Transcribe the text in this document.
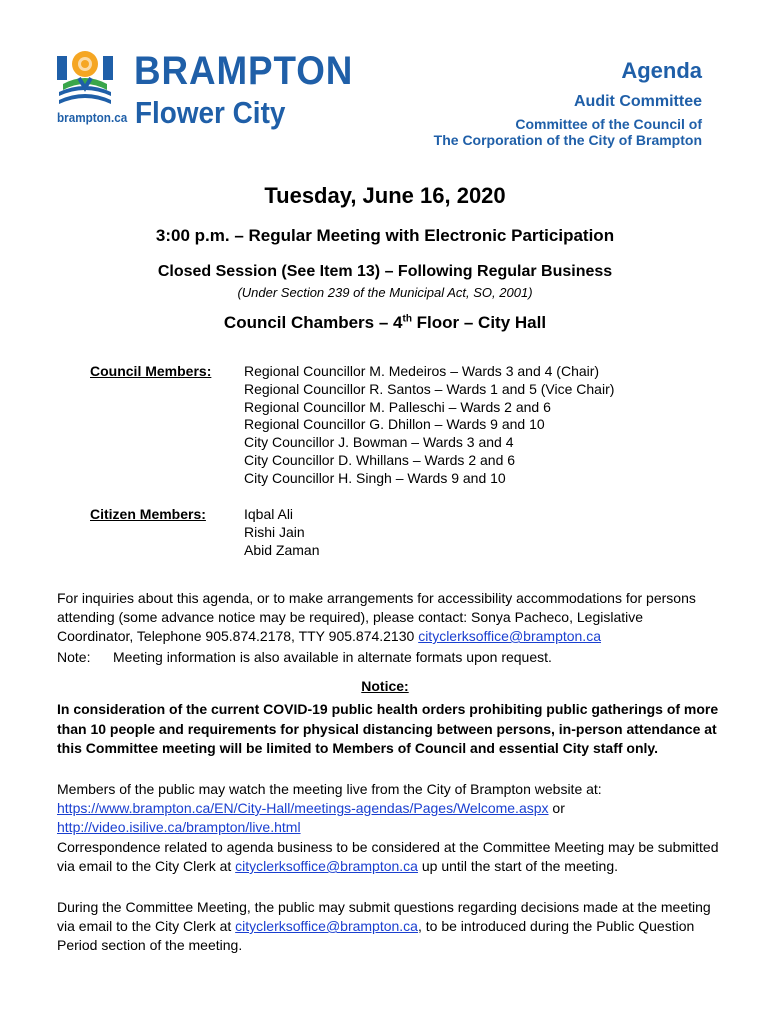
BRAMPTON
Flower City
brampton.ca
Agenda
Audit Committee
Committee of the Council of
The Corporation of the City of Brampton
Tuesday, June 16, 2020
3:00 p.m. – Regular Meeting with Electronic Participation
Closed Session (See Item 13) – Following Regular Business
(Under Section 239 of the Municipal Act, SO, 2001)
Council Chambers – 4th Floor – City Hall
Council Members: Regional Councillor M. Medeiros – Wards 3 and 4 (Chair)
Regional Councillor R. Santos – Wards 1 and 5 (Vice Chair)
Regional Councillor M. Palleschi – Wards 2 and 6
Regional Councillor G. Dhillon – Wards 9 and 10
City Councillor J. Bowman – Wards 3 and 4
City Councillor D. Whillans – Wards 2 and 6
City Councillor H. Singh – Wards 9 and 10
Citizen Members:	Iqbal Ali
Rishi Jain
Abid Zaman
For inquiries about this agenda, or to make arrangements for accessibility accommodations for persons attending (some advance notice may be required), please contact: Sonya Pacheco, Legislative Coordinator, Telephone 905.874.2178, TTY 905.874.2130 cityclerksoffice@brampton.ca
Note: Meeting information is also available in alternate formats upon request.
Notice:
In consideration of the current COVID-19 public health orders prohibiting public gatherings of more than 10 people and requirements for physical distancing between persons, in-person attendance at this Committee meeting will be limited to Members of Council and essential City staff only.
Members of the public may watch the meeting live from the City of Brampton website at:
https://www.brampton.ca/EN/City-Hall/meetings-agendas/Pages/Welcome.aspx or
http://video.isilive.ca/brampton/live.html
Correspondence related to agenda business to be considered at the Committee Meeting may be submitted via email to the City Clerk at cityclerksoffice@brampton.ca up until the start of the meeting.
During the Committee Meeting, the public may submit questions regarding decisions made at the meeting via email to the City Clerk at cityclerksoffice@brampton.ca, to be introduced during the Public Question Period section of the meeting.
